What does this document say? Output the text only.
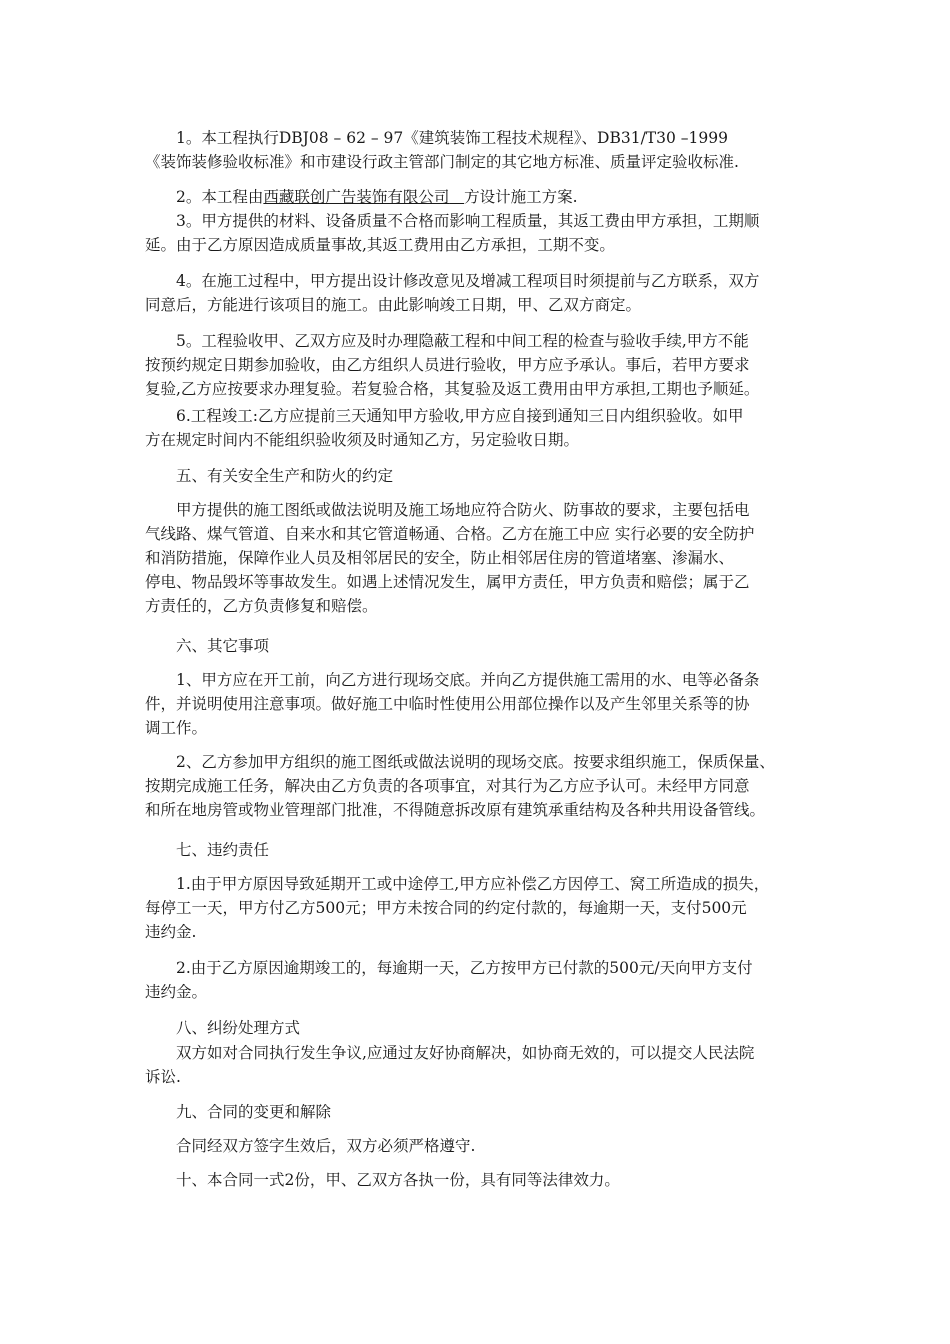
1。本工程执行DBJ08 – 62 – 97《建筑装饰工程技术规程》、DB31/T30 –1999
《装饰装修验收标准》和市建设行政主管部门制定的其它地方标准、质量评定验收标准.

2。本工程由西藏联创广告装饰有限公司 方设计施工方案.

3。甲方提供的材料、设备质量不合格而影响工程质量，其返工费由甲方承担，工期顺
延。由于乙方原因造成质量事故,其返工费用由乙方承担，工期不变。

4。在施工过程中，甲方提出设计修改意见及增减工程项目时须提前与乙方联系，双方
同意后，方能进行该项目的施工。由此影响竣工日期，甲、乙双方商定。

5。工程验收甲、乙双方应及时办理隐蔽工程和中间工程的检查与验收手续,甲方不能
按预约规定日期参加验收，由乙方组织人员进行验收，甲方应予承认。事后，若甲方要求
复验,乙方应按要求办理复验。若复验合格，其复验及返工费用由甲方承担,工期也予顺延。

6.工程竣工:乙方应提前三天通知甲方验收,甲方应自接到通知三日内组织验收。如甲
方在规定时间内不能组织验收须及时通知乙方，另定验收日期。

五、有关安全生产和防火的约定

甲方提供的施工图纸或做法说明及施工场地应符合防火、防事故的要求，主要包括电
气线路、煤气管道、自来水和其它管道畅通、合格。乙方在施工中应 实行必要的安全防护
和消防措施，保障作业人员及相邻居民的安全，防止相邻居住房的管道堵塞、渗漏水、
停电、物品毁坏等事故发生。如遇上述情况发生，属甲方责任，甲方负责和赔偿；属于乙
方责任的，乙方负责修复和赔偿。

六、其它事项

1、甲方应在开工前，向乙方进行现场交底。并向乙方提供施工需用的水、电等必备条
件，并说明使用注意事项。做好施工中临时性使用公用部位操作以及产生邻里关系等的协
调工作。

2、乙方参加甲方组织的施工图纸或做法说明的现场交底。按要求组织施工，保质保量、
按期完成施工任务，解决由乙方负责的各项事宜，对其行为乙方应予认可。未经甲方同意
和所在地房管或物业管理部门批准，不得随意拆改原有建筑承重结构及各种共用设备管线。

七、违约责任

1.由于甲方原因导致延期开工或中途停工,甲方应补偿乙方因停工、窝工所造成的损失，
每停工一天，甲方付乙方500元；甲方未按合同的约定付款的，每逾期一天，支付500元
违约金.

2.由于乙方原因逾期竣工的，每逾期一天，乙方按甲方已付款的500元/天向甲方支付
违约金。

八、纠纷处理方式

双方如对合同执行发生争议,应通过友好协商解决，如协商无效的，可以提交人民法院
诉讼.

九、合同的变更和解除

合同经双方签字生效后，双方必须严格遵守.

十、本合同一式2份，甲、乙双方各执一份，具有同等法律效力。
